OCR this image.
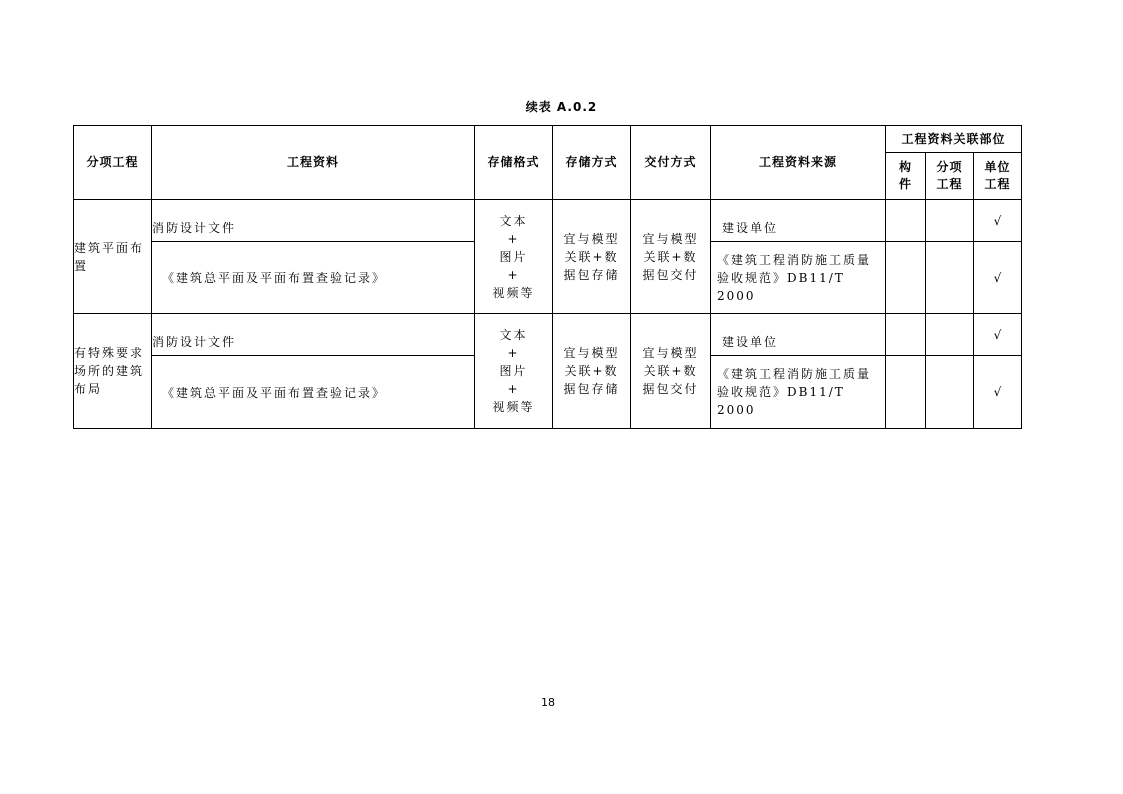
续表 A.0.2
分项工程	工程资料	存储格式	存储方式	交付方式	工程资料来源	工程资料关联部位		
						构件	分项工程	单位工程
建筑平面布置	消防设计文件	文本
+
图片
+
视频等	宜与模型关联+数据包存储	宜与模型关联+数据包交付	建设单位			√
	《建筑总平面及平面布置查验记录》				《建筑工程消防施工质量验收规范》DB11/T 2000			√
有特殊要求场所的建筑布局	消防设计文件	文本
+
图片
+
视频等	宜与模型关联+数据包存储	宜与模型关联+数据包交付	建设单位			√
	《建筑总平面及平面布置查验记录》				《建筑工程消防施工质量验收规范》DB11/T 2000			√
18
